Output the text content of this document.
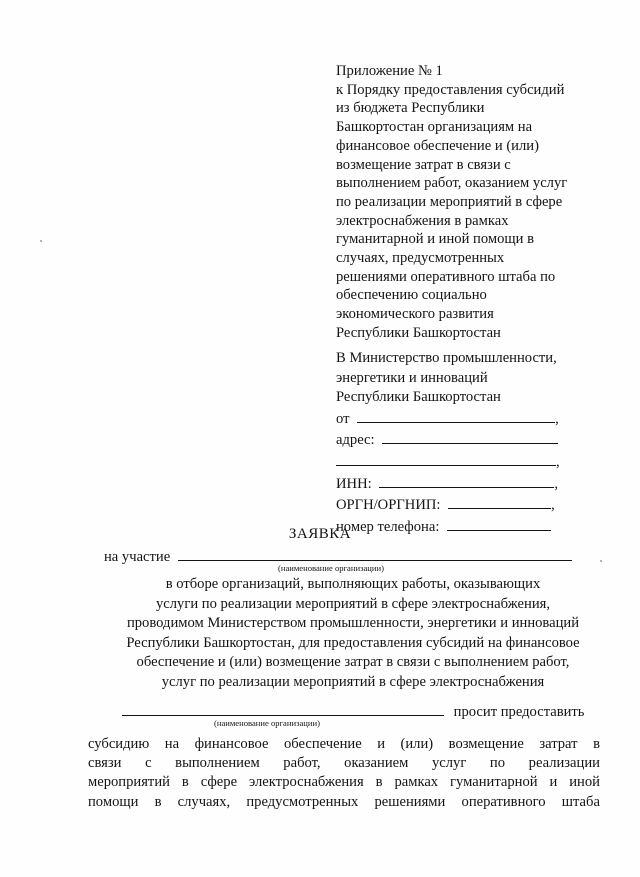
Приложение № 1
к Порядку предоставления субсидий
из бюджета Республики
Башкортостан организациям на
финансовое обеспечение и (или)
возмещение затрат в связи с
выполнением работ, оказанием услуг
по реализации мероприятий в сфере
электроснабжения в рамках
гуманитарной и иной помощи в
случаях, предусмотренных
решениями оперативного штаба по
обеспечению социально
экономического развития
Республики Башкортостан
В Министерство промышленности,
энергетики и инноваций
Республики Башкортостан
от	,
адрес:
,
ИНН:	,
ОРГН/ОРГНИП:	,
номер телефона:
ЗАЯВКА
на участие
(наименование организации)
в отборе организаций, выполняющих работы, оказывающих
услуги по реализации мероприятий в сфере электроснабжения,
проводимом Министерством промышленности, энергетики и инноваций
Республики Башкортостан, для предоставления субсидий на финансовое
обеспечение и (или) возмещение затрат в связи с выполнением работ,
услуг по реализации мероприятий в сфере электроснабжения
просит предоставить
(наименование организации)
субсидию на финансовое обеспечение и (или) возмещение затрат в
связи с выполнением работ, оказанием услуг по реализации
мероприятий в сфере электроснабжения в рамках гуманитарной и иной
помощи в случаях, предусмотренных решениями оперативного штаба
